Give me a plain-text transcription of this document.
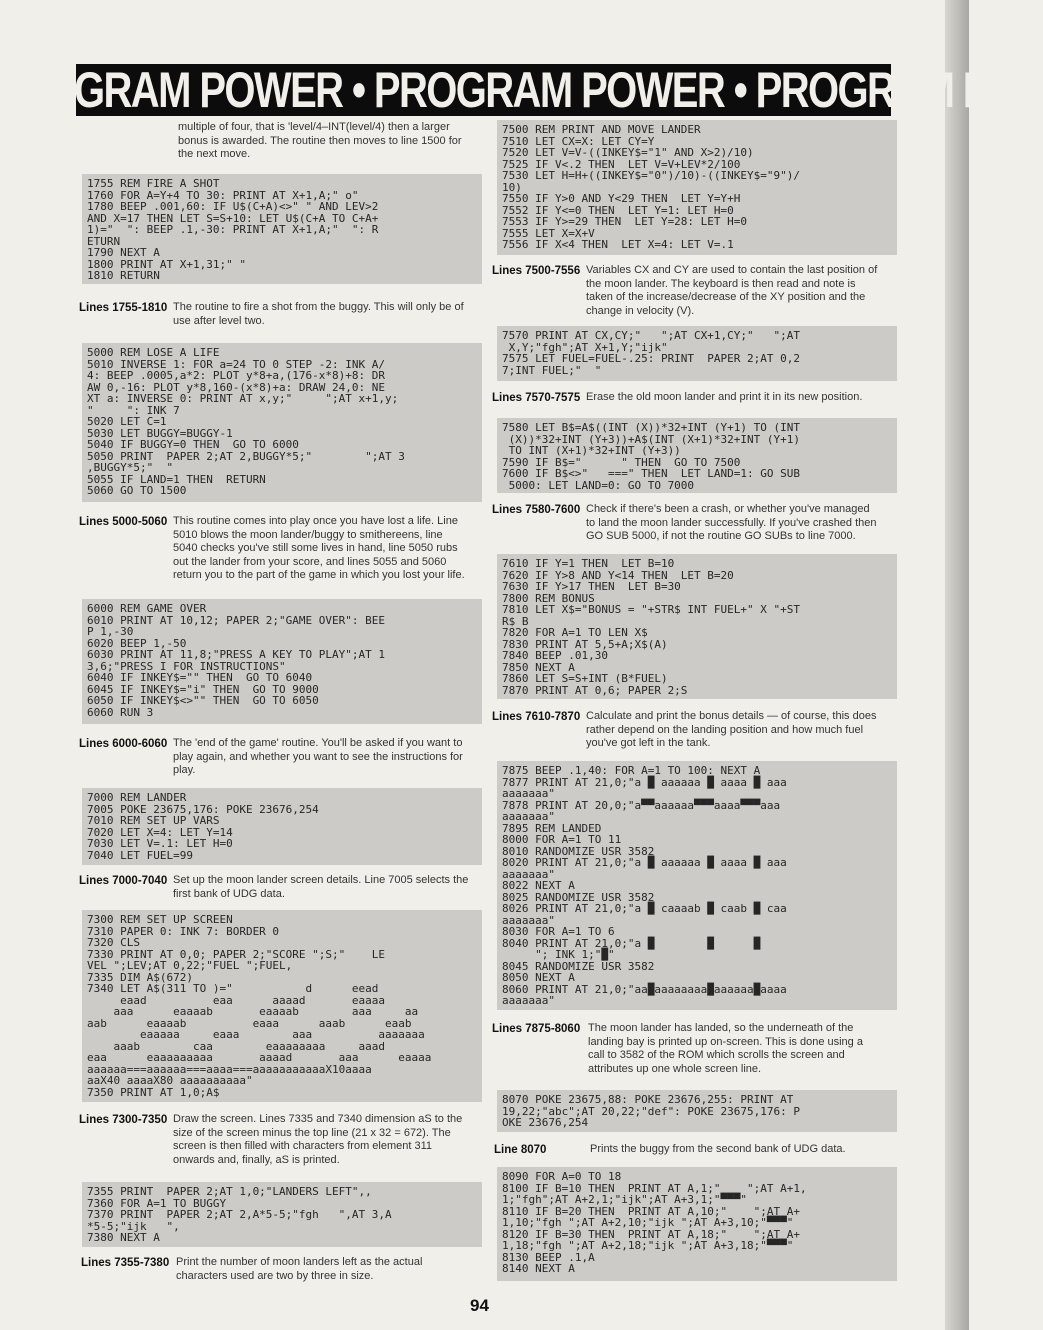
GRAM POWER • PROGRAM POWER • PROGRAM POV
multiple of four, that is 'level/4–INT(level/4) then a larger
bonus is awarded. The routine then moves to line 1500 for
the next move.
1755 REM FIRE A SHOT
1760 FOR A=Y+4 TO 30: PRINT AT X+1,A;" o"
1780 BEEP .001,60: IF U$(C+A)<>" " AND LEV>2
AND X=17 THEN LET S=S+10: LET U$(C+A TO C+A+
1)="  ": BEEP .1,-30: PRINT AT X+1,A;"  ": R
ETURN
1790 NEXT A
1800 PRINT AT X+1,31;" "
1810 RETURN
Lines 1755-1810 The routine to fire a shot from the buggy. This will only be of
use after level two.
5000 REM LOSE A LIFE
5010 INVERSE 1: FOR a=24 TO 0 STEP -2: INK A/
4: BEEP .0005,a*2: PLOT y*8+a,(176-x*8)+8: DR
AW 0,-16: PLOT y*8,160-(x*8)+a: DRAW 24,0: NE
XT a: INVERSE 0: PRINT AT x,y;"     ";AT x+1,y;
"     ": INK 7
5020 LET C=1
5030 LET BUGGY=BUGGY-1
5040 IF BUGGY=0 THEN  GO TO 6000
5050 PRINT  PAPER 2;AT 2,BUGGY*5;"        ";AT 3
,BUGGY*5;"  "
5055 IF LAND=1 THEN  RETURN
5060 GO TO 1500
Lines 5000-5060 This routine comes into play once you have lost a life. Line
5010 blows the moon lander/buggy to smithereens, line
5040 checks you've still some lives in hand, line 5050 rubs
out the lander from your score, and lines 5055 and 5060
return you to the part of the game in which you lost your life.
6000 REM GAME OVER
6010 PRINT AT 10,12; PAPER 2;"GAME OVER": BEE
P 1,-30
6020 BEEP 1,-50
6030 PRINT AT 11,8;"PRESS A KEY TO PLAY";AT 1
3,6;"PRESS I FOR INSTRUCTIONS"
6040 IF INKEY$="" THEN  GO TO 6040
6045 IF INKEY$="i" THEN  GO TO 9000
6050 IF INKEY$<>"" THEN  GO TO 6050
6060 RUN 3
Lines 6000-6060 The 'end of the game' routine. You'll be asked if you want to
play again, and whether you want to see the instructions for
play.
7000 REM LANDER
7005 POKE 23675,176: POKE 23676,254
7010 REM SET UP VARS
7020 LET X=4: LET Y=14
7030 LET V=.1: LET H=0
7040 LET FUEL=99
Lines 7000-7040 Set up the moon lander screen details. Line 7005 selects the
first bank of UDG data.
7300 REM SET UP SCREEN
7310 PAPER 0: INK 7: BORDER 0
7320 CLS
7330 PRINT AT 0,0; PAPER 2;"SCORE ";S;"    LE
VEL ";LEV;AT 0,22;"FUEL ";FUEL,
7335 DIM A$(672)
7340 LET A$(311 TO )="           d      eead
eaad          eaa      aaaad       eaaaa
aaa      eaaaab       eaaaab        aaa     aa
aab      eaaaab          eaaa      aaab      eaab
eaaaaa     eaaa        aaa          aaaaaaa
aaab        caa        eaaaaaaaa     aaad
eaa      eaaaaaaaaa       aaaad       aaa      eaaaa
aaaaaa===aaaaaa===aaaa===aaaaaaaaaaaX10aaaa
aaX40 aaaaX80 aaaaaaaaaa"
7350 PRINT AT 1,0;A$
Lines 7300-7350 Draw the screen. Lines 7335 and 7340 dimension aS to the
size of the screen minus the top line (21 x 32 = 672). The
screen is then filled with characters from element 311
onwards and, finally, aS is printed.
7355 PRINT  PAPER 2;AT 1,0;"LANDERS LEFT",,
7360 FOR A=1 TO BUGGY
7370 PRINT  PAPER 2;AT 2,A*5-5;"fgh   ",AT 3,A
*5-5;"ijk   ",
7380 NEXT A
Lines 7355-7380 Print the number of moon landers left as the actual
characters used are two by three in size.
7500 REM PRINT AND MOVE LANDER
7510 LET CX=X: LET CY=Y
7520 LET V=V-((INKEY$="1" AND X>2)/10)
7525 IF V<.2 THEN  LET V=V+LEV*2/100
7530 LET H=H+((INKEY$="0")/10)-((INKEY$="9")/
10)
7550 IF Y>0 AND Y<29 THEN  LET Y=Y+H
7552 IF Y<=0 THEN  LET Y=1: LET H=0
7553 IF Y>=29 THEN  LET Y=28: LET H=0
7555 LET X=X+V
7556 IF X<4 THEN  LET X=4: LET V=.1
Lines 7500-7556 Variables CX and CY are used to contain the last position of
the moon lander. The keyboard is then read and note is
taken of the increase/decrease of the XY position and the
change in velocity (V).
7570 PRINT AT CX,CY;"   ";AT CX+1,CY;"   ";AT
X,Y;"fgh";AT X+1,Y;"ijk"
7575 LET FUEL=FUEL-.25: PRINT  PAPER 2;AT 0,2
7;INT FUEL;"  "
Lines 7570-7575 Erase the old moon lander and print it in its new position.
7580 LET B$=A$((INT (X))*32+INT (Y+1) TO (INT
(X))*32+INT (Y+3))+A$(INT (X+1)*32+INT (Y+1)
TO INT (X+1)*32+INT (Y+3))
7590 IF B$="      " THEN  GO TO 7500
7600 IF B$<>"   ===" THEN  LET LAND=1: GO SUB
5000: LET LAND=0: GO TO 7000
Lines 7580-7600 Check if there's been a crash, or whether you've managed
to land the moon lander successfully. If you've crashed then
GO SUB 5000, if not the routine GO SUBs to line 7000.
7610 IF Y=1 THEN  LET B=10
7620 IF Y>8 AND Y<14 THEN  LET B=20
7630 IF Y>17 THEN  LET B=30
7800 REM BONUS
7810 LET X$="BONUS = "+STR$ INT FUEL+" X "+ST
R$ B
7820 FOR A=1 TO LEN X$
7830 PRINT AT 5,5+A;X$(A)
7840 BEEP .01,30
7850 NEXT A
7860 LET S=S+INT (B*FUEL)
7870 PRINT AT 0,6; PAPER 2;S
Lines 7610-7870 Calculate and print the bonus details — of course, this does
rather depend on the landing position and how much fuel
you've got left in the tank.
7875 BEEP .1,40: FOR A=1 TO 100: NEXT A
7877 PRINT AT 21,0;"a █ aaaaaa █ aaaa █ aaa
aaaaaaa"
7878 PRINT AT 20,0;"a▀▀aaaaaa▀▀▀aaaa▀▀▀aaa
aaaaaaa"
7895 REM LANDED
8000 FOR A=1 TO 11
8010 RANDOMIZE USR 3582
8020 PRINT AT 21,0;"a █ aaaaaa █ aaaa █ aaa
aaaaaaa"
8022 NEXT A
8025 RANDOMIZE USR 3582
8026 PRINT AT 21,0;"a █ caaaab █ caab █ caa
aaaaaaa"
8030 FOR A=1 TO 6
8040 PRINT AT 21,0;"a █        █      █
"; INK 1;"█"
8045 RANDOMIZE USR 3582
8050 NEXT A
8060 PRINT AT 21,0;"aa█aaaaaaaa█aaaaaa█aaaa
aaaaaaa"
Lines 7875-8060 The moon lander has landed, so the underneath of the
landing bay is printed up on-screen. This is done using a
call to 3582 of the ROM which scrolls the screen and
attributes up one whole screen line.
8070 POKE 23675,88: POKE 23676,255: PRINT AT
19,22;"abc";AT 20,22;"def": POKE 23675,176: P
OKE 23676,254
Line 8070	Prints the buggy from the second bank of UDG data.
8090 FOR A=0 TO 18
8100 IF B=10 THEN  PRINT AT A,1;"    ";AT A+1,
1;"fgh";AT A+2,1;"ijk";AT A+3,1;"▀▀▀"
8110 IF B=20 THEN  PRINT AT A,10;"    ";AT A+
1,10;"fgh ";AT A+2,10;"ijk ";AT A+3,10;"▀▀▀"
8120 IF B=30 THEN  PRINT AT A,18;"    ";AT A+
1,18;"fgh ";AT A+2,18;"ijk ";AT A+3,18;"▀▀▀"
8130 BEEP .1,A
8140 NEXT A
94
